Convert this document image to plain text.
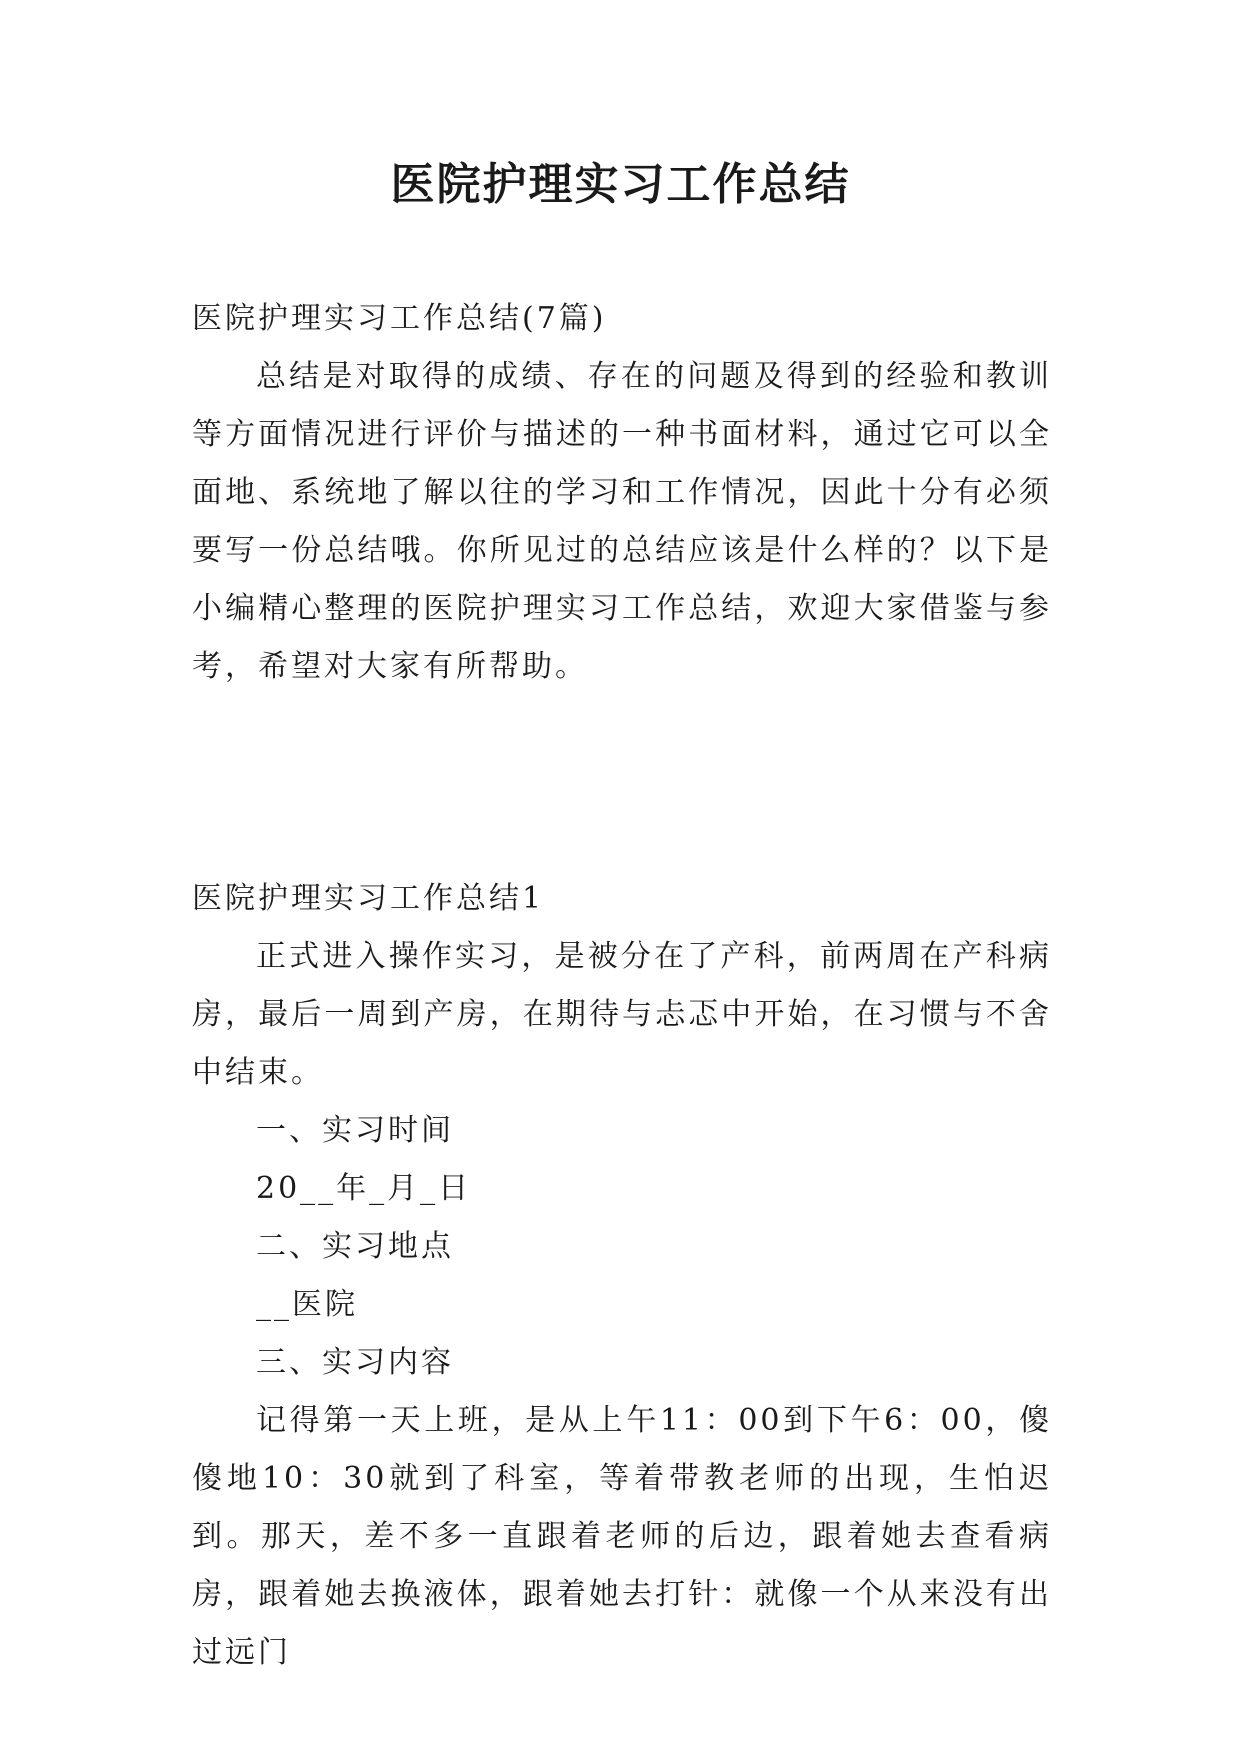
医院护理实习工作总结

医院护理实习工作总结(7篇)

总结是对取得的成绩、存在的问题及得到的经验和教训等方面情况进行评价与描述的一种书面材料，通过它可以全面地、系统地了解以往的学习和工作情况，因此十分有必须要写一份总结哦。你所见过的总结应该是什么样的？以下是小编精心整理的医院护理实习工作总结，欢迎大家借鉴与参考，希望对大家有所帮助。

医院护理实习工作总结1

正式进入操作实习，是被分在了产科，前两周在产科病房，最后一周到产房，在期待与忐忑中开始，在习惯与不舍中结束。

一、实习时间

20__年_月_日

二、实习地点

__医院

三、实习内容

记得第一天上班，是从上午11：00到下午6：00，傻傻地10：30就到了科室，等着带教老师的出现，生怕迟到。那天，差不多一直跟着老师的后边，跟着她去查看病房，跟着她去换液体，跟着她去打针：就像一个从来没有出过远门
